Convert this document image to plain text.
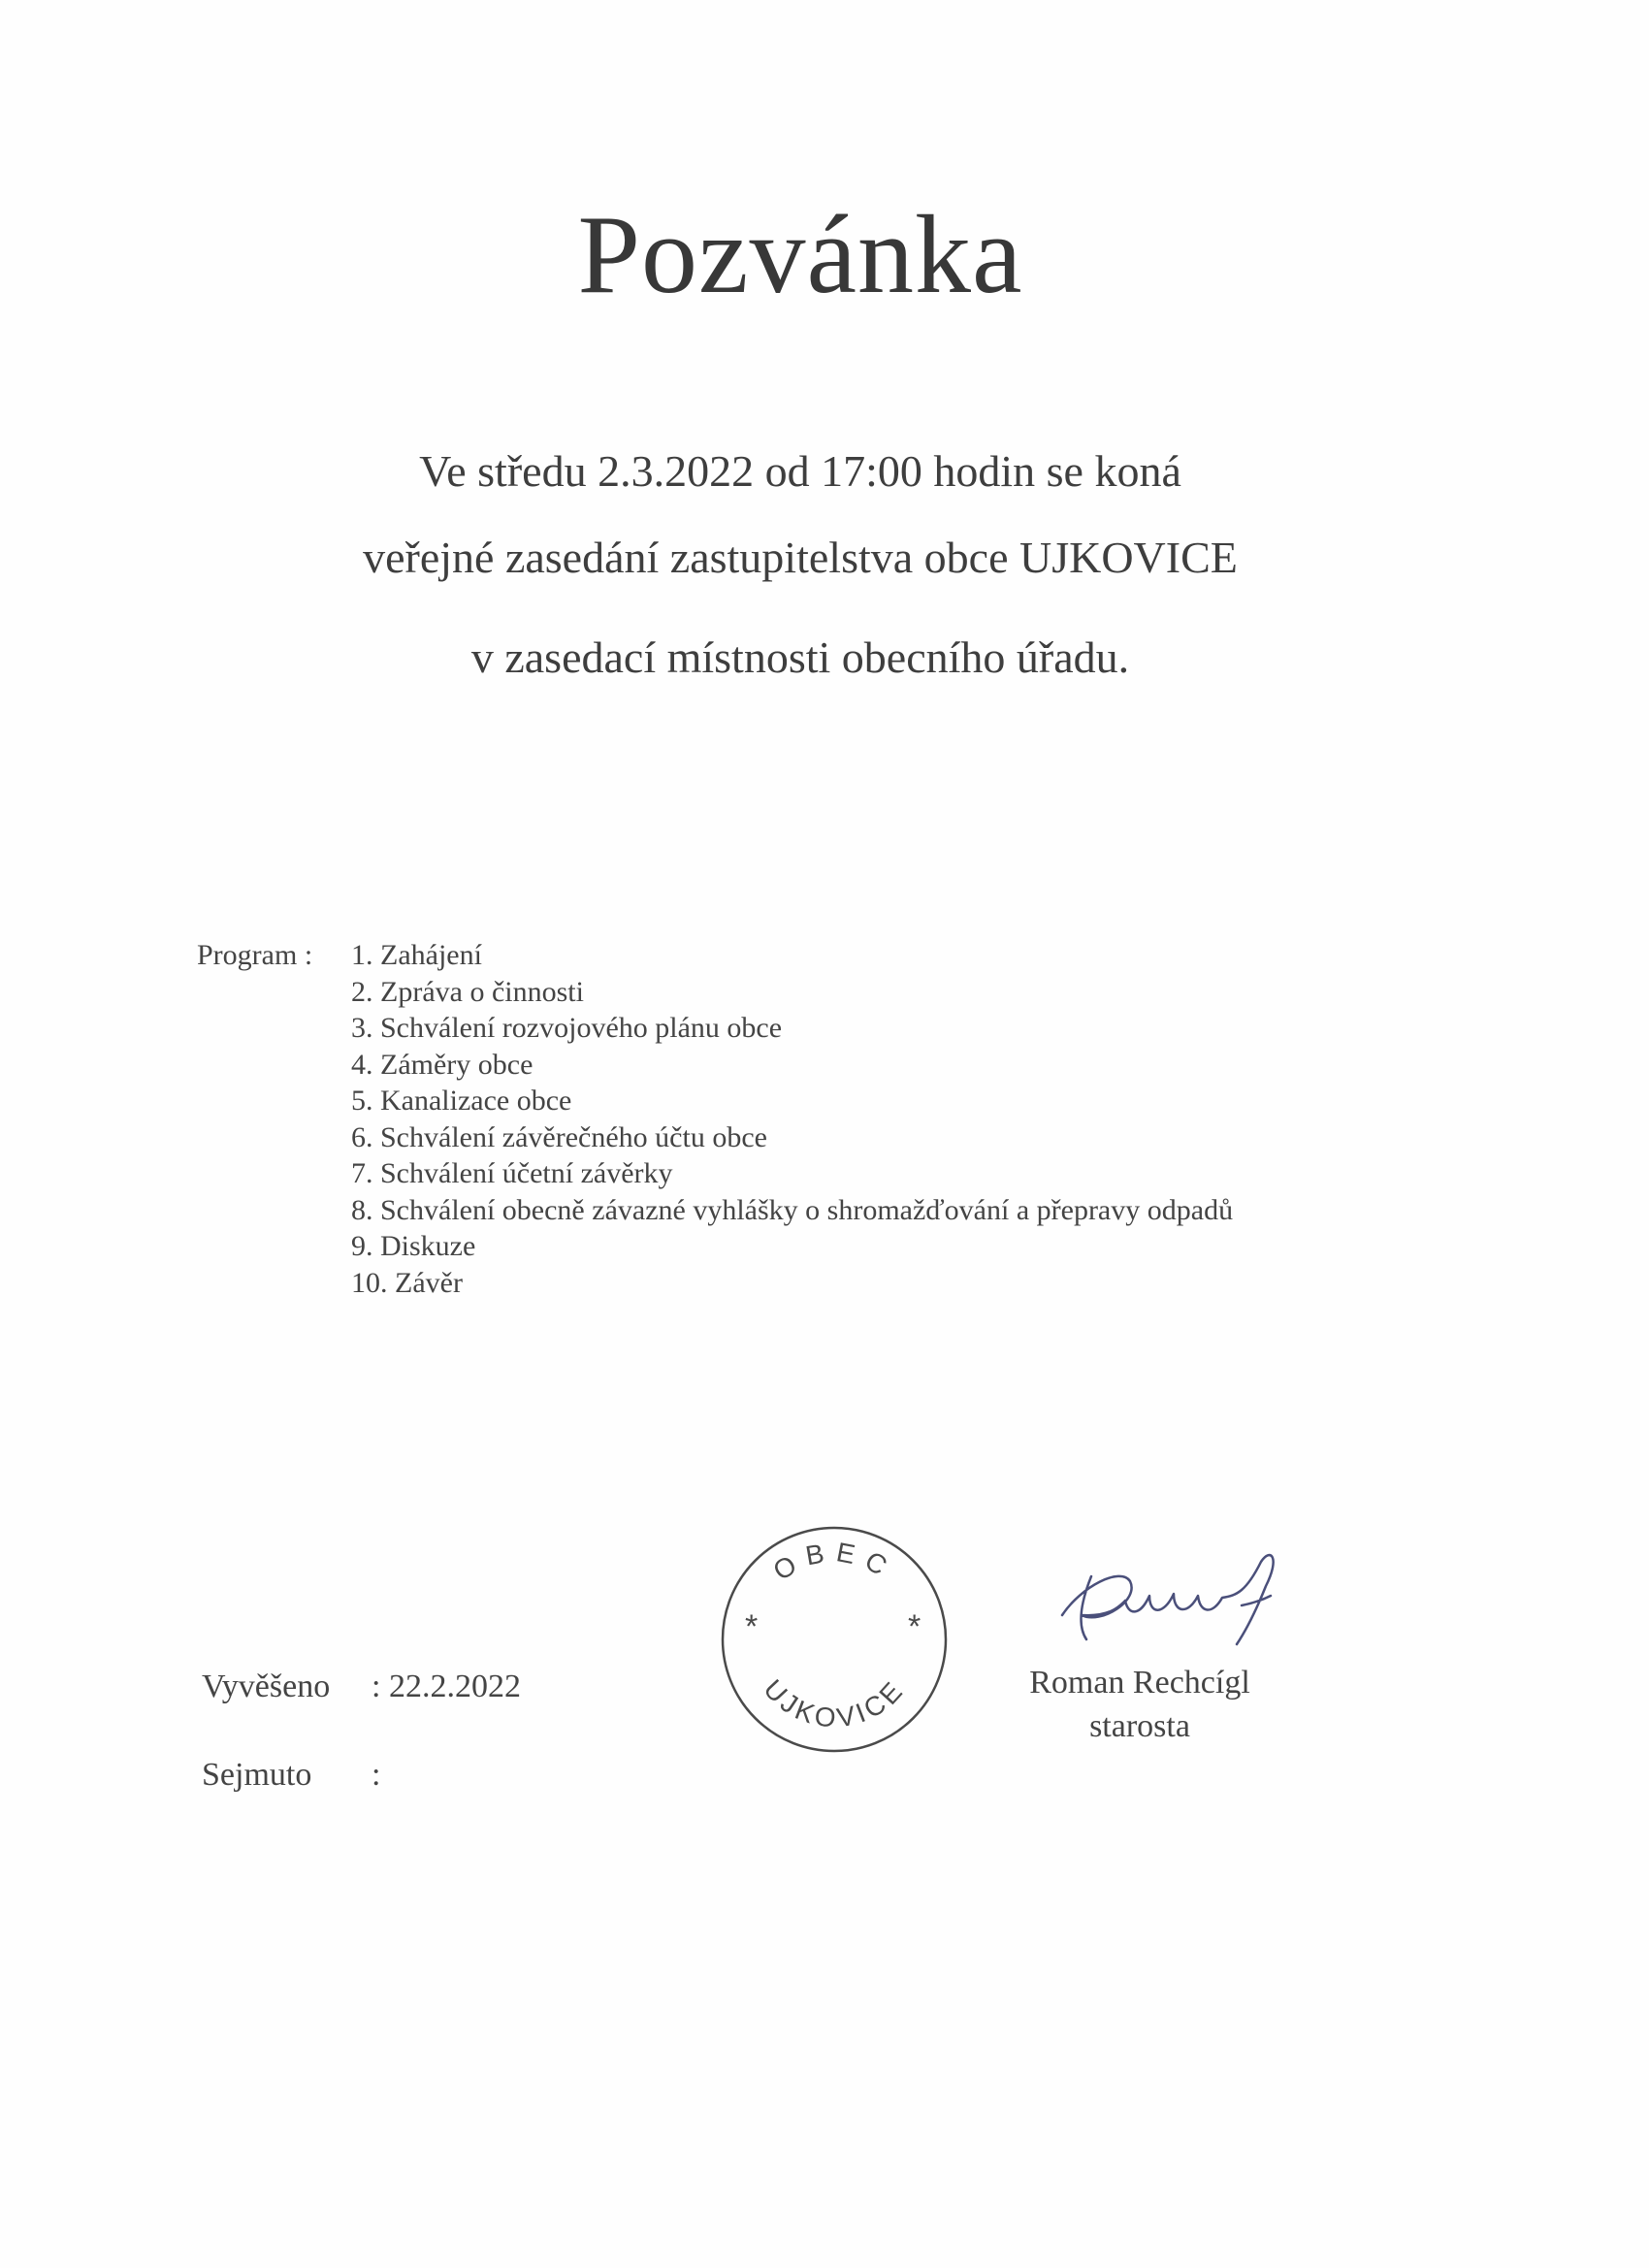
Pozvánka
Ve středu 2.3.2022 od 17:00 hodin se koná
veřejné zasedání zastupitelstva obce UJKOVICE
v zasedací místnosti obecního úřadu.
Program : 1. Zahájení
2. Zpráva o činnosti
3. Schválení rozvojového plánu obce
4. Záměry obce
5. Kanalizace obce
6. Schválení závěrečného účtu obce
7. Schválení účetní závěrky
8. Schválení obecně závazné vyhlášky o shromažďování a přepravy odpadů
9. Diskuze
10. Závěr
Vyvěšeno : 22.2.2022
Sejmuto :
OBEC
UJKOVICE
*	*
Roman Rechcígl
starosta
